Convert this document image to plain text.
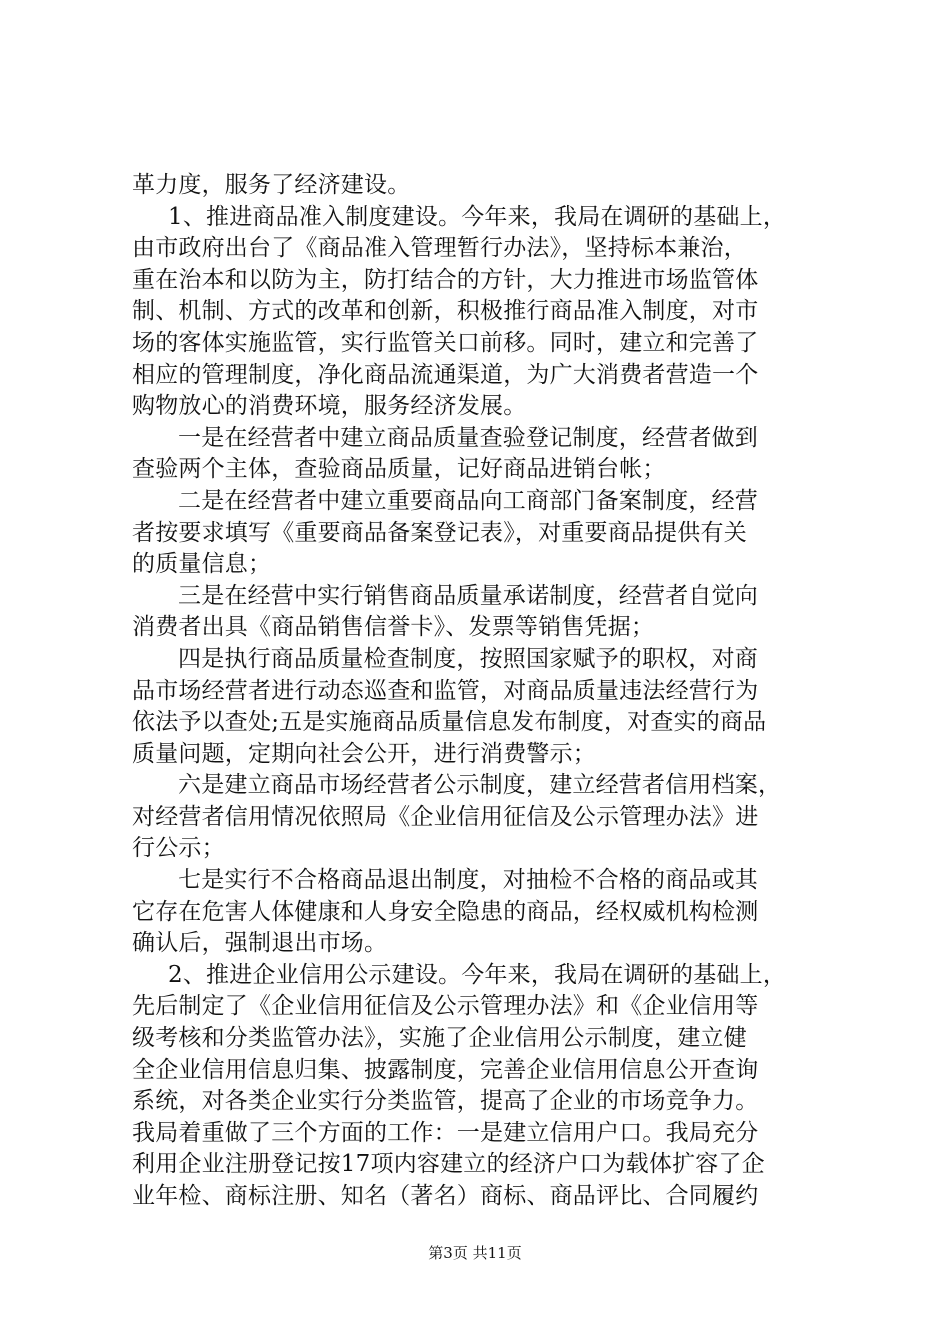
革力度，服务了经济建设。
1、推进商品准入制度建设。今年来，我局在调研的基础上，
由市政府出台了《商品准入管理暂行办法》，坚持标本兼治，
重在治本和以防为主，防打结合的方针，大力推进市场监管体
制、机制、方式的改革和创新，积极推行商品准入制度，对市
场的客体实施监管，实行监管关口前移。同时，建立和完善了
相应的管理制度，净化商品流通渠道，为广大消费者营造一个
购物放心的消费环境，服务经济发展。
一是在经营者中建立商品质量查验登记制度，经营者做到
查验两个主体，查验商品质量，记好商品进销台帐；
二是在经营者中建立重要商品向工商部门备案制度，经营
者按要求填写《重要商品备案登记表》，对重要商品提供有关
的质量信息；
三是在经营中实行销售商品质量承诺制度，经营者自觉向
消费者出具《商品销售信誉卡》、发票等销售凭据；
四是执行商品质量检查制度，按照国家赋予的职权，对商
品市场经营者进行动态巡查和监管，对商品质量违法经营行为
依法予以查处;五是实施商品质量信息发布制度，对查实的商品
质量问题，定期向社会公开，进行消费警示；
六是建立商品市场经营者公示制度，建立经营者信用档案，
对经营者信用情况依照局《企业信用征信及公示管理办法》进
行公示；
七是实行不合格商品退出制度，对抽检不合格的商品或其
它存在危害人体健康和人身安全隐患的商品，经权威机构检测
确认后，强制退出市场。
2、推进企业信用公示建设。今年来，我局在调研的基础上，
先后制定了《企业信用征信及公示管理办法》和《企业信用等
级考核和分类监管办法》，实施了企业信用公示制度，建立健
全企业信用信息归集、披露制度，完善企业信用信息公开查询
系统，对各类企业实行分类监管，提高了企业的市场竞争力。
我局着重做了三个方面的工作：一是建立信用户口。我局充分
利用企业注册登记按17项内容建立的经济户口为载体扩容了企
业年检、商标注册、知名（著名）商标、商品评比、合同履约
第3页 共11页
